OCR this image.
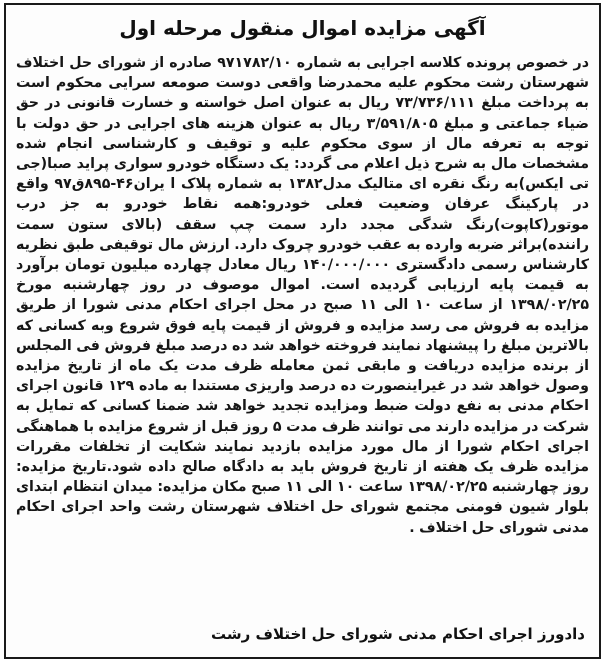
آگهی مزایده اموال منقول مرحله اول
در خصوص پرونده کلاسه اجرایی به شماره ۹۷۱۷۸۲/۱۰ صادره از شورای حل اختلاف شهرستان رشت محکوم علیه محمدرضا واقعی دوست صومعه سرایی محکوم است به پرداخت مبلغ ۷۳/۷۳۶/۱۱۱ ریال به عنوان اصل خواسته و خسارت قانونی در حق ضیاء جماعتی و مبلغ ۳/۵۹۱/۸۰۵ ریال به عنوان هزینه های اجرایی در حق دولت با توجه به تعرفه مال از سوی محکوم علیه و توقیف و کارشناسی انجام شده مشخصات مال به شرح ذیل اعلام می گردد: یک دستگاه خودرو سواری پراید صبا(جی تی ایکس)به رنگ نقره ای متالیک مدل۱۳۸۲ به شماره پلاک ا یران۴۶-۸۹۵ق۹۷ واقع در پارکینگ عرفان وضعیت فعلی خودرو:همه نقاط خودرو به جز درب موتور(کاپوت)رنگ شدگی مجدد دارد سمت چپ سقف (بالای ستون سمت راننده)براثر ضربه وارده به عقب خودرو چروک دارد. ارزش مال توقیفی طبق نظریه کارشناس رسمی دادگستری ۱۴۰/۰۰۰/۰۰۰ ریال معادل چهارده میلیون تومان برآورد به قیمت پایه ارزیابی گردیده است. اموال موصوف در روز چهارشنبه مورخ ۱۳۹۸/۰۲/۲۵ از ساعت ۱۰ الی ۱۱ صبح در محل اجرای احکام مدنی شورا از طریق مزایده به فروش می رسد مزایده و فروش از قیمت پایه فوق شروع وبه کسانی که بالاترین مبلغ را پیشنهاد نمایند فروخته خواهد شد ده درصد مبلغ فروش فی المجلس از برنده مزایده دریافت و مابقی ثمن معامله ظرف مدت یک ماه از تاریخ مزایده وصول خواهد شد در غیراینصورت ده درصد واریزی مستندا به ماده ۱۲۹ قانون اجرای احکام مدنی به نفع دولت ضبط ومزایده تجدید خواهد شد ضمنا کسانی که تمایل به شرکت در مزایده دارند می توانند ظرف مدت ۵ روز قبل از شروع مزایده با هماهنگی اجرای احکام شورا از مال مورد مزایده بازدید نمایند شکایت از تخلفات مقررات مزایده ظرف یک هفته از تاریخ فروش باید به دادگاه صالح داده شود.تاریخ مزایده: روز چهارشنبه ۱۳۹۸/۰۲/۲۵ ساعت ۱۰ الی ۱۱ صبح مکان مزایده: میدان انتظام ابتدای بلوار شیون فومنی مجتمع شورای حل اختلاف شهرستان رشت واحد اجرای احکام مدنی شورای حل اختلاف .
دادورز اجرای احکام مدنی شورای حل اختلاف رشت
